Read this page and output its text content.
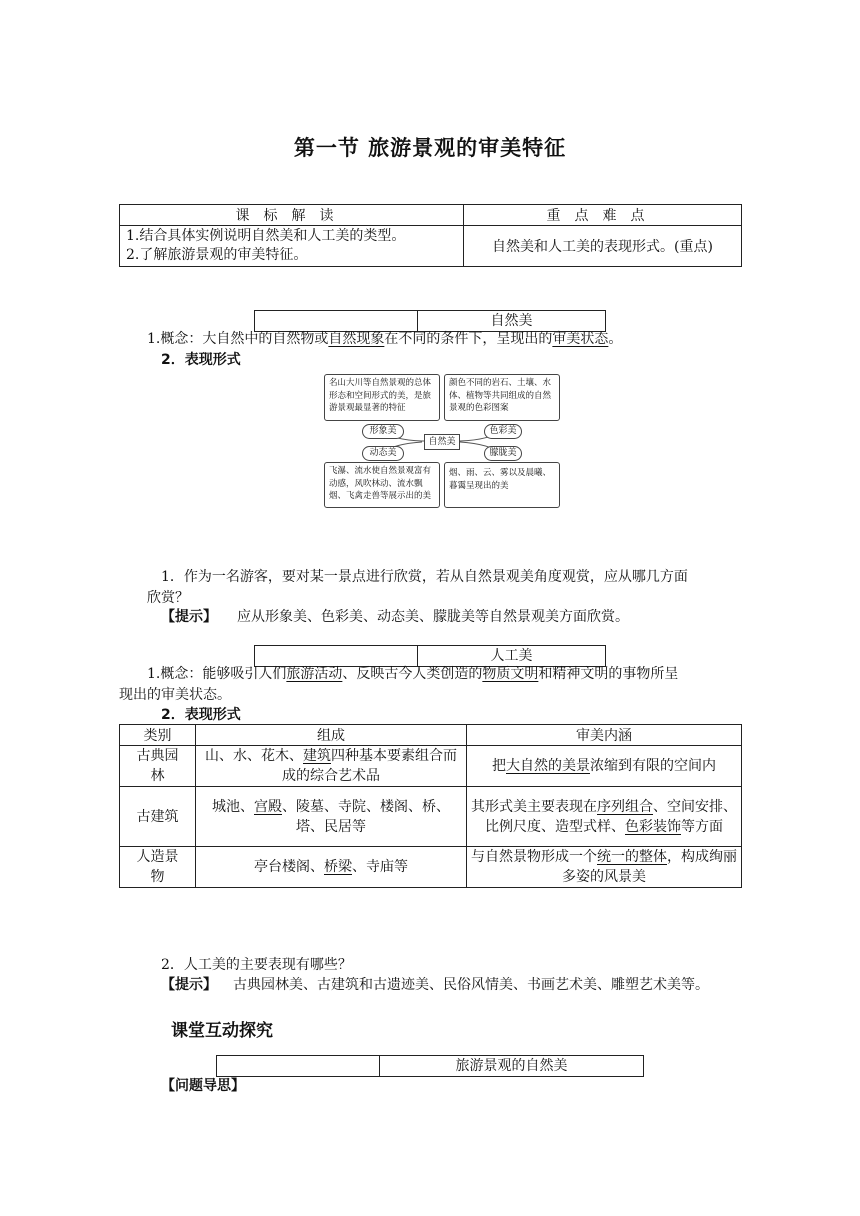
第一节 旅游景观的审美特征
课标解读	重点难点

1.结合具体实例说明自然美和人工美的类型。
2.了解旅游景观的审美特征。	自然美和人工美的表现形式。(重点)
自然美
1.概念：大自然中的自然物或自然现象在不同的条件下，呈现出的审美状态。
2．表现形式
名山大川等自然景观的总体形态和空间形式的美，是旅游景观最显著的特征
颜色不同的岩石、土壤、水体、植物等共同组成的自然景观的色彩图案
形象美	色彩美
自然美
动态美	朦胧美
飞瀑、流水使自然景观富有动感，风吹林动、流水飘烟、飞禽走兽等展示出的美
烟、雨、云、雾以及晨曦、暮霭呈现出的美
1．作为一名游客，要对某一景点进行欣赏，若从自然景观美角度观赏，应从哪几方面
欣赏？
【提示】 应从形象美、色彩美、动态美、朦胧美等自然景观美方面欣赏。
人工美
1.概念：能够吸引人们旅游活动、反映古今人类创造的物质文明和精神文明的事物所呈
现出的审美状态。
2．表现形式
类别	组成	审美内涵
古典园林	山、水、花木、建筑四种基本要素组合而成的综合艺术品	把大自然的美景浓缩到有限的空间内
古建筑	城池、宫殿、陵墓、寺院、楼阁、桥、塔、民居等	其形式美主要表现在序列组合、空间安排、比例尺度、造型式样、色彩装饰等方面
人造景物	亭台楼阁、桥梁、寺庙等	与自然景物形成一个统一的整体，构成绚丽多姿的风景美
2．人工美的主要表现有哪些？
【提示】 古典园林美、古建筑和古遗迹美、民俗风情美、书画艺术美、雕塑艺术美等。
课堂互动探究
旅游景观的自然美
【问题导思】
